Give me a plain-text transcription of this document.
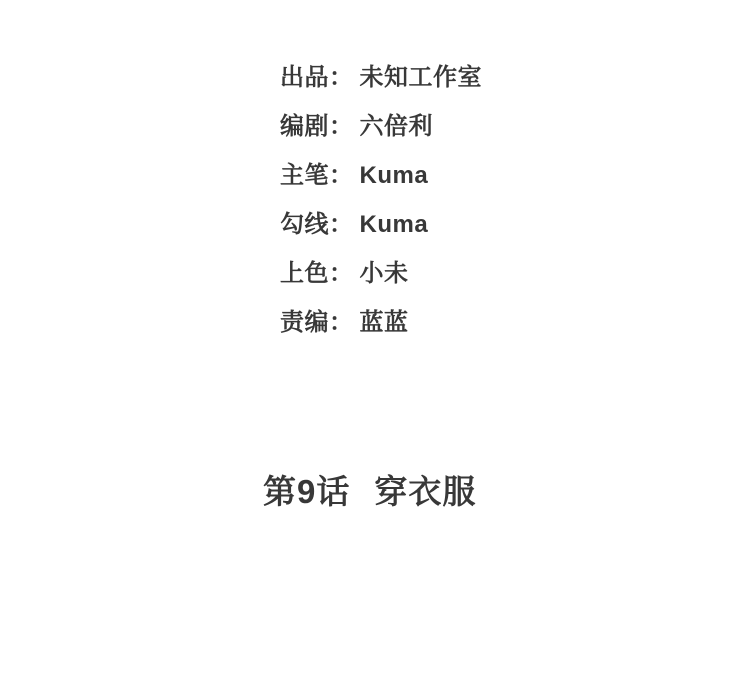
出品： 未知工作室
编剧： 六倍利
主笔： Kuma
勾线： Kuma
上色： 小未
责编： 蓝蓝
第9话 穿衣服
